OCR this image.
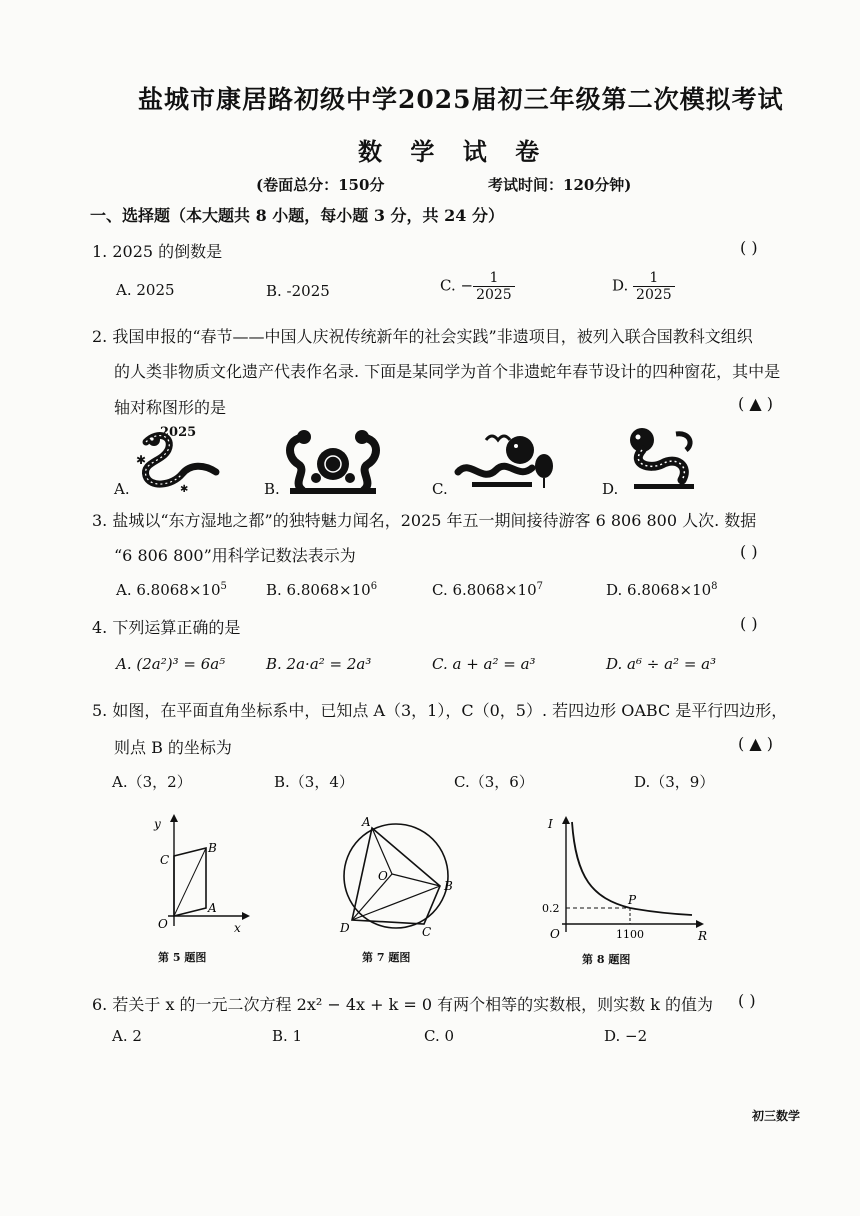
盐城市康居路初级中学2025届初三年级第二次模拟考试
数 学 试 卷
(卷面总分：150分	考试时间：120分钟)
一、选择题（本大题共 8 小题，每小题 3 分，共 24 分）
1. 2025 的倒数是	( )
A. 2025	B. -2025	C. − $\frac{1}{2025}$	D. $\frac{1}{2025}$
2. 我国申报的“春节——中国人庆祝传统新年的社会实践”非遗项目，被列入联合国教科文组织
的人类非物质文化遗产代表作名录. 下面是某同学为首个非遗蛇年春节设计的四种窗花，其中是
轴对称图形的是	( ▲ )
A.
2025
✱
✱	B.	C.	D.
3. 盐城以“东方湿地之都”的独特魅力闻名，2025 年五一期间接待游客 6 806 800 人次. 数据
“6 806 800”用科学记数法表示为	( )
A. $6.8068\times 10^5$	B. $6.8068\times 10^6$	C. $6.8068\times 10^7$	D. $6.8068\times 10^8$
4. 下列运算正确的是	( )
A. (2a²)³ = 6a⁵	B. 2a·a² = 2a³	C. a + a² = a³	D. a⁶ ÷ a² = a³
5. 如图，在平面直角坐标系中，已知点 A（3，1），C（0，5）. 若四边形 OABC 是平行四边形，
则点 B 的坐标为	( ▲ )
A.（3，2）	B.（3，4）	C.（3，6）	D.（3，9）
y
x
O
A
B
C
第 5 题图
A
B
C
D
O
第 7 题图
I
R
O
P
0.2
1100
第 8 题图
6. 若关于 x 的一元二次方程 2x² − 4x + k = 0 有两个相等的实数根，则实数 k 的值为 ( )
A. 2	B. 1	C. 0	D. −2
初三数学
